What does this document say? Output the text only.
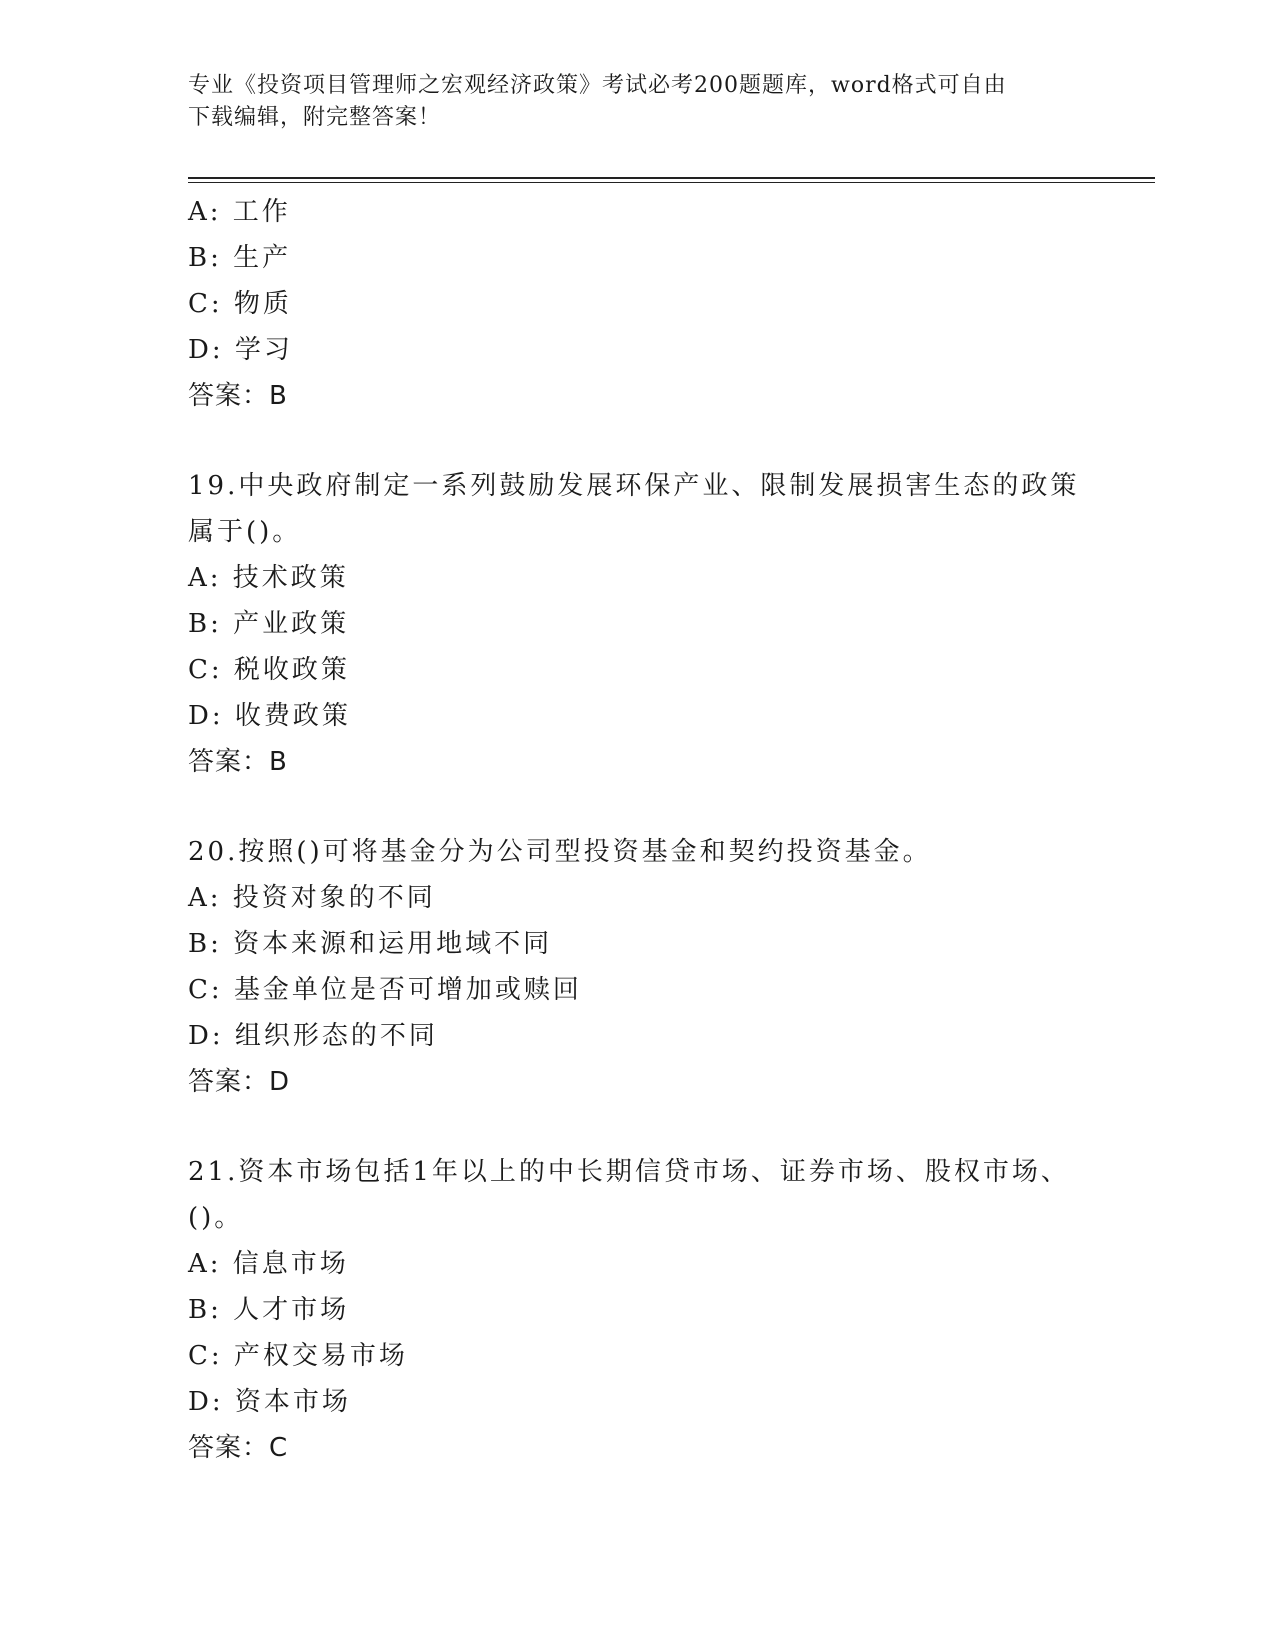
专业《投资项目管理师之宏观经济政策》考试必考200题题库，word格式可自由
下载编辑，附完整答案！
A: 工作
B: 生产
C: 物质
D: 学习
答案：B
19.中央政府制定一系列鼓励发展环保产业、限制发展损害生态的政策
属于()。
A: 技术政策
B: 产业政策
C: 税收政策
D: 收费政策
答案：B
20.按照()可将基金分为公司型投资基金和契约投资基金。
A: 投资对象的不同
B: 资本来源和运用地域不同
C: 基金单位是否可增加或赎回
D: 组织形态的不同
答案：D
21.资本市场包括1年以上的中长期信贷市场、证券市场、股权市场、
()。
A: 信息市场
B: 人才市场
C: 产权交易市场
D: 资本市场
答案：C
